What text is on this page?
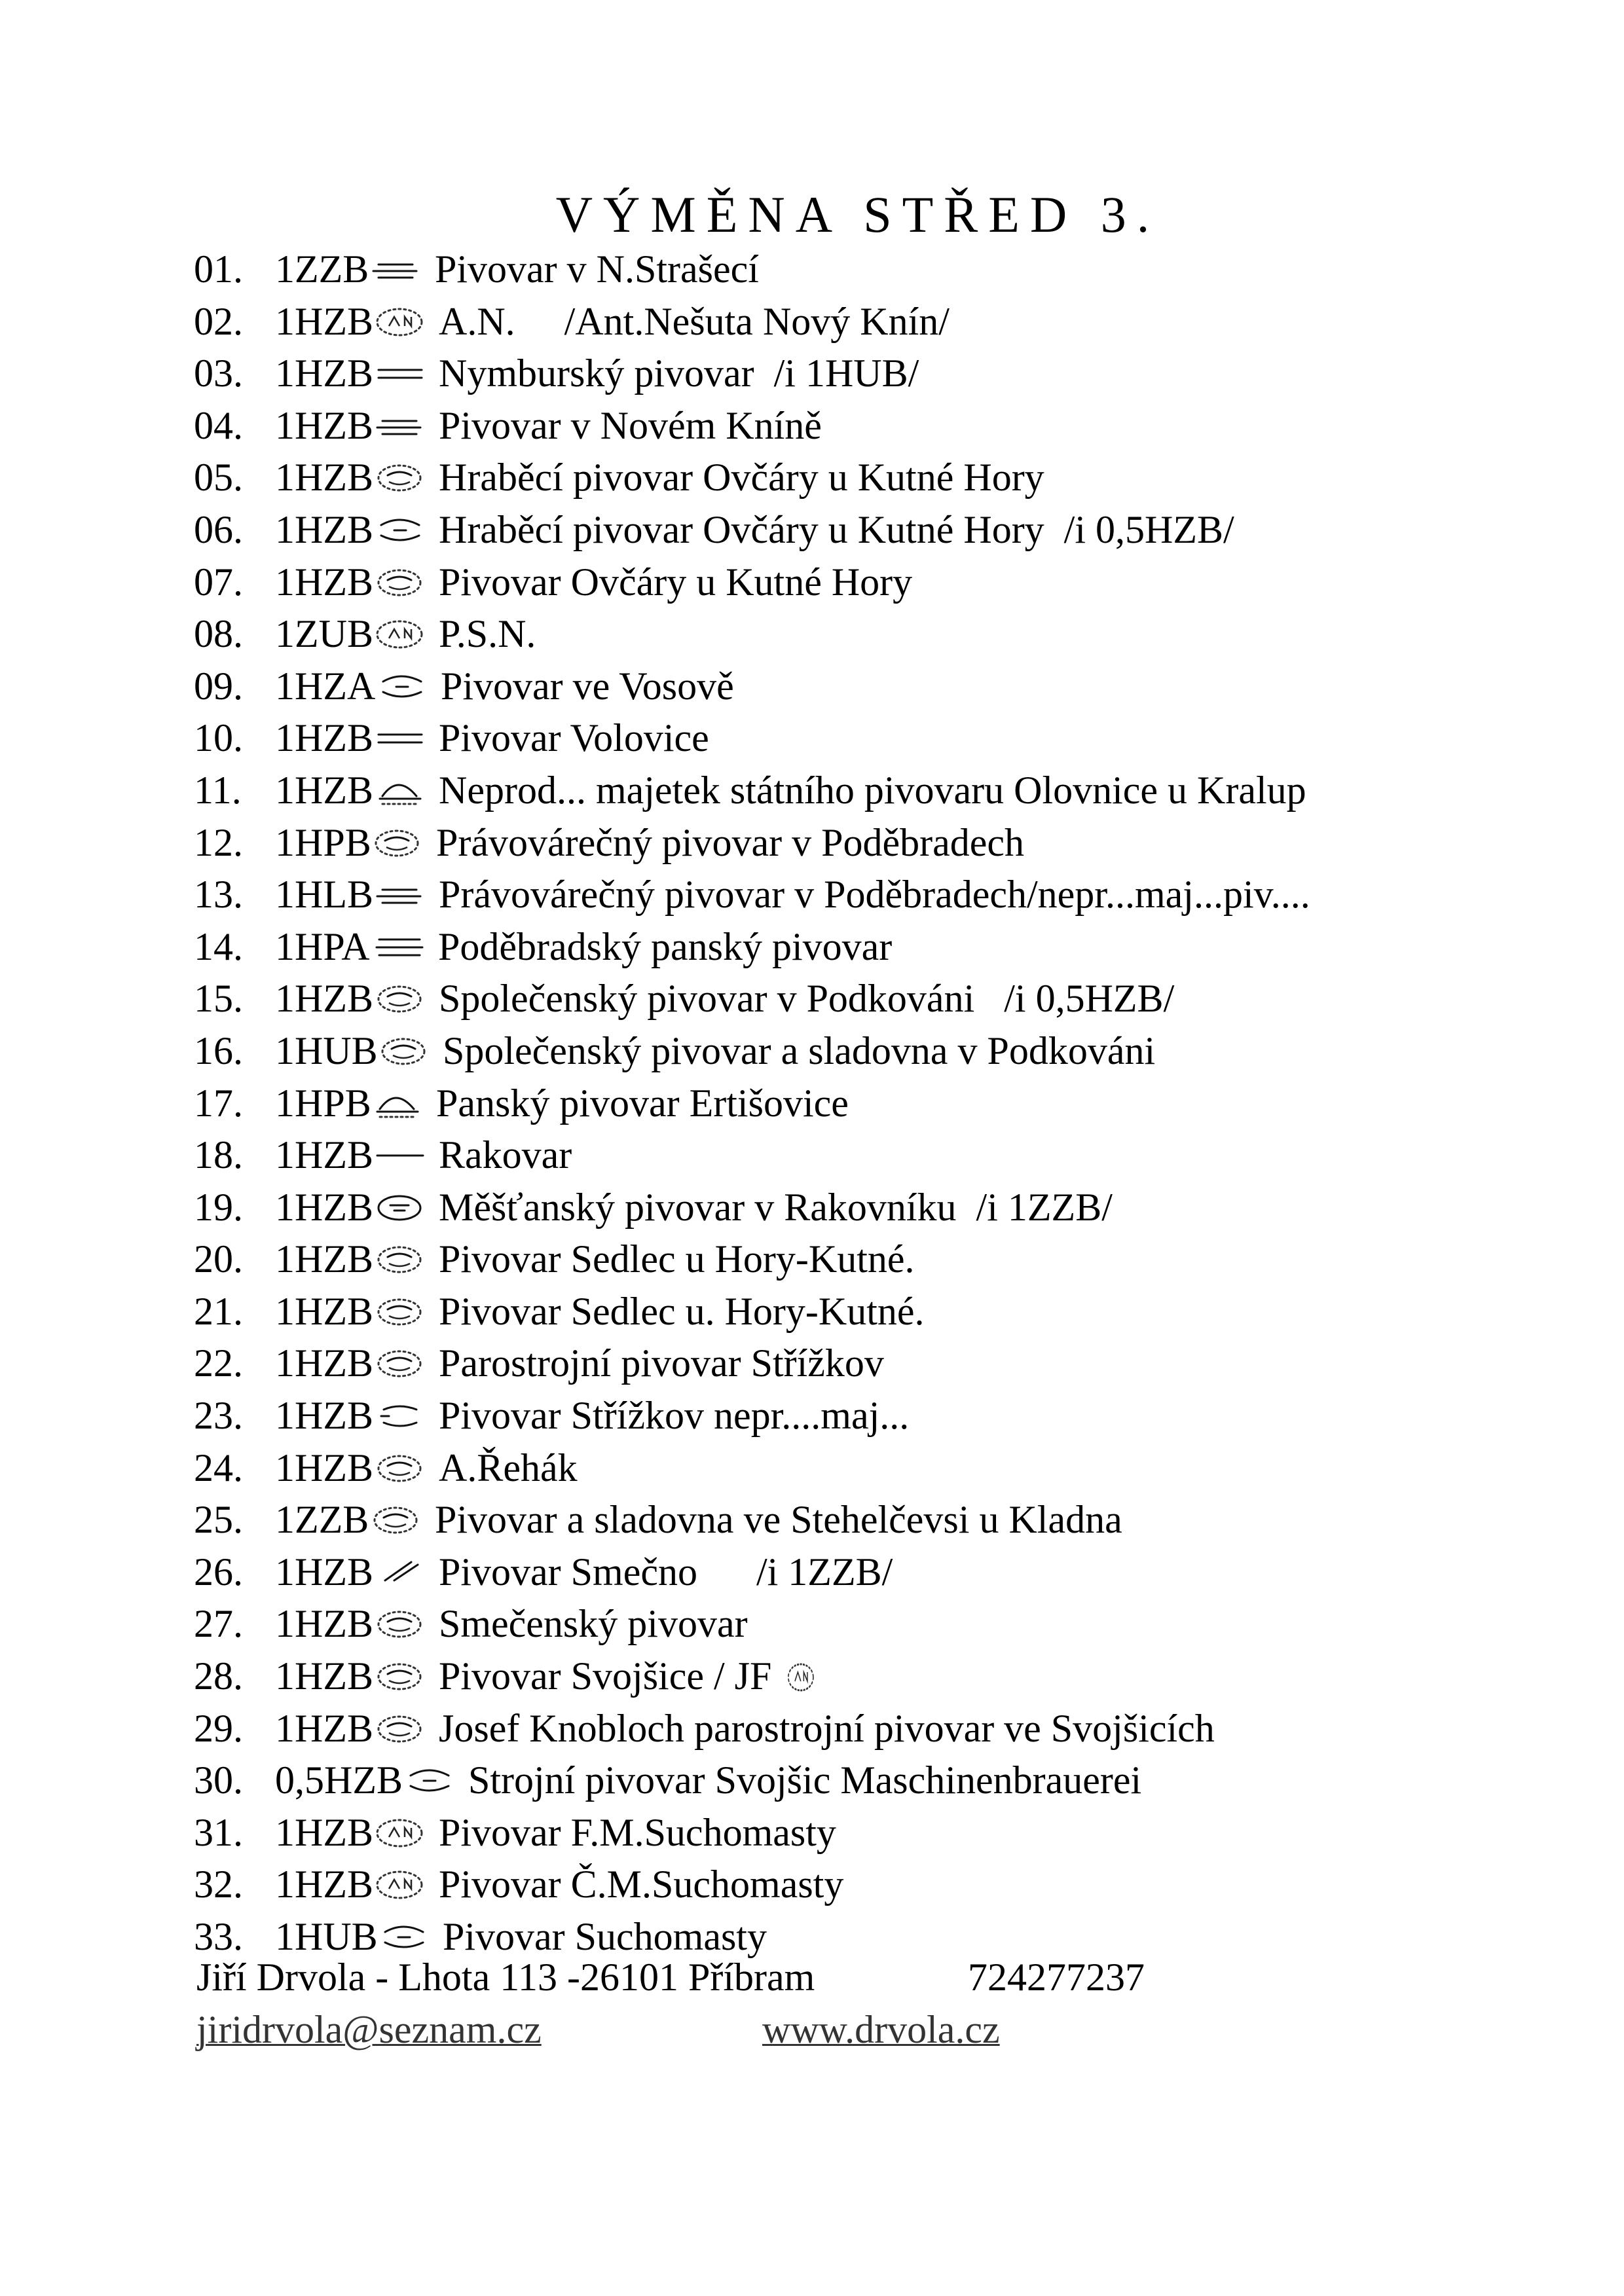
VÝMĚNA STŘED 3.
01. 1ZZB Pivovar v N.Strašecí
02. 1HZB A.N.     /Ant.Nešuta Nový Knín/
03. 1HZB Nymburský pivovar  /i 1HUB/
04. 1HZB Pivovar v Novém Kníně
05. 1HZB Hraběcí pivovar Ovčáry u Kutné Hory
06. 1HZB Hraběcí pivovar Ovčáry u Kutné Hory  /i 0,5HZB/
07. 1HZB Pivovar Ovčáry u Kutné Hory
08. 1ZUB P.S.N.
09. 1HZA Pivovar ve Vosově
10. 1HZB Pivovar Volovice
11. 1HZB Neprod... majetek státního pivovaru Olovnice u Kralup
12. 1HPB Právovárečný pivovar v Poděbradech
13. 1HLB Právovárečný pivovar v Poděbradech/nepr...maj...piv....
14. 1HPA Poděbradský panský pivovar
15. 1HZB Společenský pivovar v Podkováni   /i 0,5HZB/
16. 1HUB Společenský pivovar a sladovna v Podkováni
17. 1HPB Panský pivovar Ertišovice
18. 1HZB Rakovar
19. 1HZB Měšťanský pivovar v Rakovníku  /i 1ZZB/
20. 1HZB Pivovar Sedlec u Hory-Kutné.
21. 1HZB Pivovar Sedlec u. Hory-Kutné.
22. 1HZB Parostrojní pivovar Střížkov
23. 1HZB Pivovar Střížkov nepr....maj...
24. 1HZB A.Řehák
25. 1ZZB Pivovar a sladovna ve Stehelčevsi u Kladna
26. 1HZB Pivovar Smečno      /i 1ZZB/
27. 1HZB Smečenský pivovar
28. 1HZB Pivovar Svojšice / JF
29. 1HZB Josef Knobloch parostrojní pivovar ve Svojšicích
30. 0,5HZB Strojní pivovar Svojšic Maschinenbrauerei
31. 1HZB Pivovar F.M.Suchomasty
32. 1HZB Pivovar Č.M.Suchomasty
33. 1HUB Pivovar Suchomasty
Jiří Drvola - Lhota 113 -26101 Příbram	724277237
jiridrvola@seznam.cz	www.drvola.cz
